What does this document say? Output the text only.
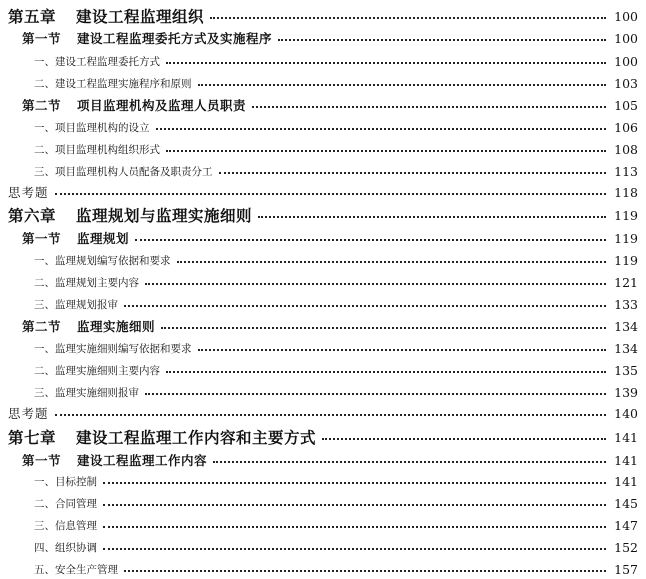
第五章 建设工程监理组织	100
第一节 建设工程监理委托方式及实施程序	100
一、建设工程监理委托方式	100
二、建设工程监理实施程序和原则	103
第二节 项目监理机构及监理人员职责	105
一、项目监理机构的设立	106
二、项目监理机构组织形式	108
三、项目监理机构人员配备及职责分工	113
思考题	118
第六章 监理规划与监理实施细则	119
第一节 监理规划	119
一、监理规划编写依据和要求	119
二、监理规划主要内容	121
三、监理规划报审	133
第二节 监理实施细则	134
一、监理实施细则编写依据和要求	134
二、监理实施细则主要内容	135
三、监理实施细则报审	139
思考题	140
第七章 建设工程监理工作内容和主要方式	141
第一节 建设工程监理工作内容	141
一、目标控制	141
二、合同管理	145
三、信息管理	147
四、组织协调	152
五、安全生产管理	157
